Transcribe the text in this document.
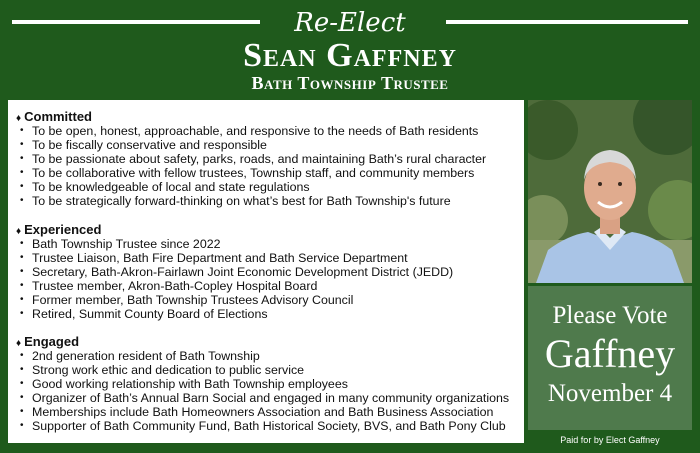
Re-Elect
Sean Gaffney
Bath Township Trustee
♦ Committed
• To be open, honest, approachable, and responsive to the needs of Bath residents
• To be fiscally conservative and responsible
• To be passionate about safety, parks, roads, and maintaining Bath’s rural character
• To be collaborative with fellow trustees, Township staff, and community members
• To be knowledgeable of local and state regulations
• To be strategically forward-thinking on what’s best for Bath Township's future
♦ Experienced
• Bath Township Trustee since 2022
• Trustee Liaison, Bath Fire Department and Bath Service Department
• Secretary, Bath-Akron-Fairlawn Joint Economic Development District (JEDD)
• Trustee member, Akron-Bath-Copley Hospital Board
• Former member, Bath Township Trustees Advisory Council
• Retired, Summit County Board of Elections
♦ Engaged
• 2nd generation resident of Bath Township
• Strong work ethic and dedication to public service
• Good working relationship with Bath Township employees
• Organizer of Bath’s Annual Barn Social and engaged in many community organizations
• Memberships include Bath Homeowners Association and Bath Business Association
• Supporter of Bath Community Fund, Bath Historical Society, BVS, and Bath Pony Club
Please Vote
Gaffney
November 4
Paid for by Elect Gaffney
